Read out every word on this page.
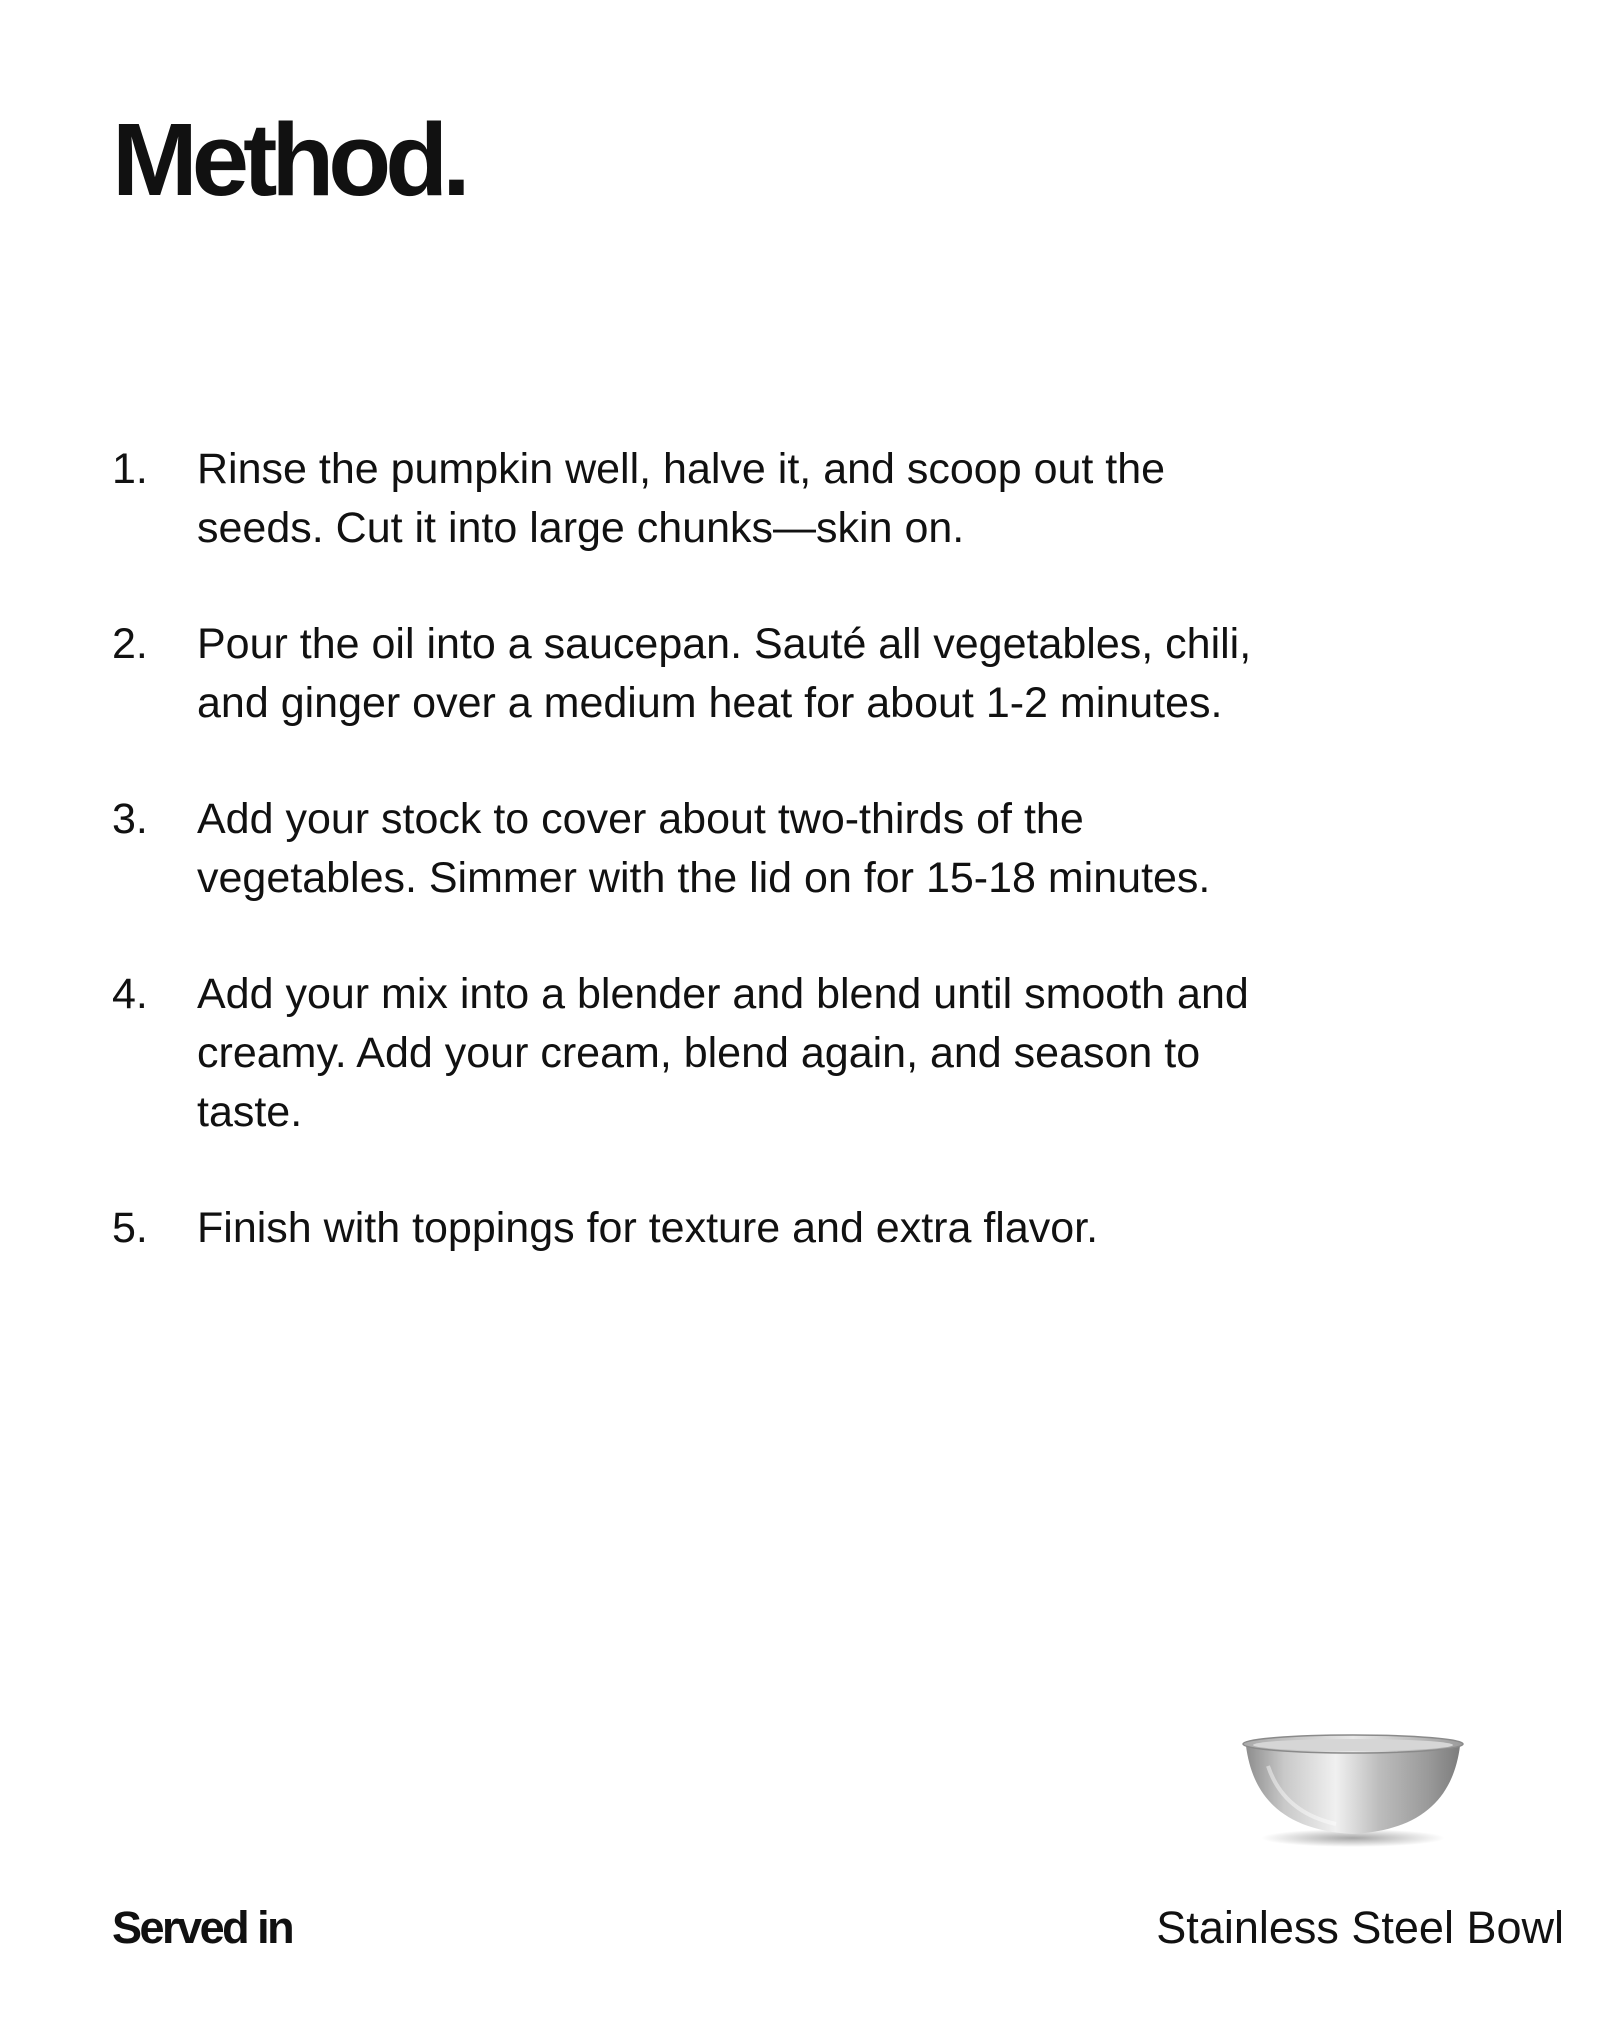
Method.
1.	Rinse the pumpkin well, halve it, and scoop out the
seeds. Cut it into large chunks—skin on.
2.	Pour the oil into a saucepan. Sauté all vegetables, chili,
and ginger over a medium heat for about 1-2 minutes.
3.	Add your stock to cover about two-thirds of the
vegetables. Simmer with the lid on for 15-18 minutes.
4.	Add your mix into a blender and blend until smooth and
creamy. Add your cream, blend again, and season to
taste.
5.	Finish with toppings for texture and extra flavor.
Served in	Stainless Steel Bowl
